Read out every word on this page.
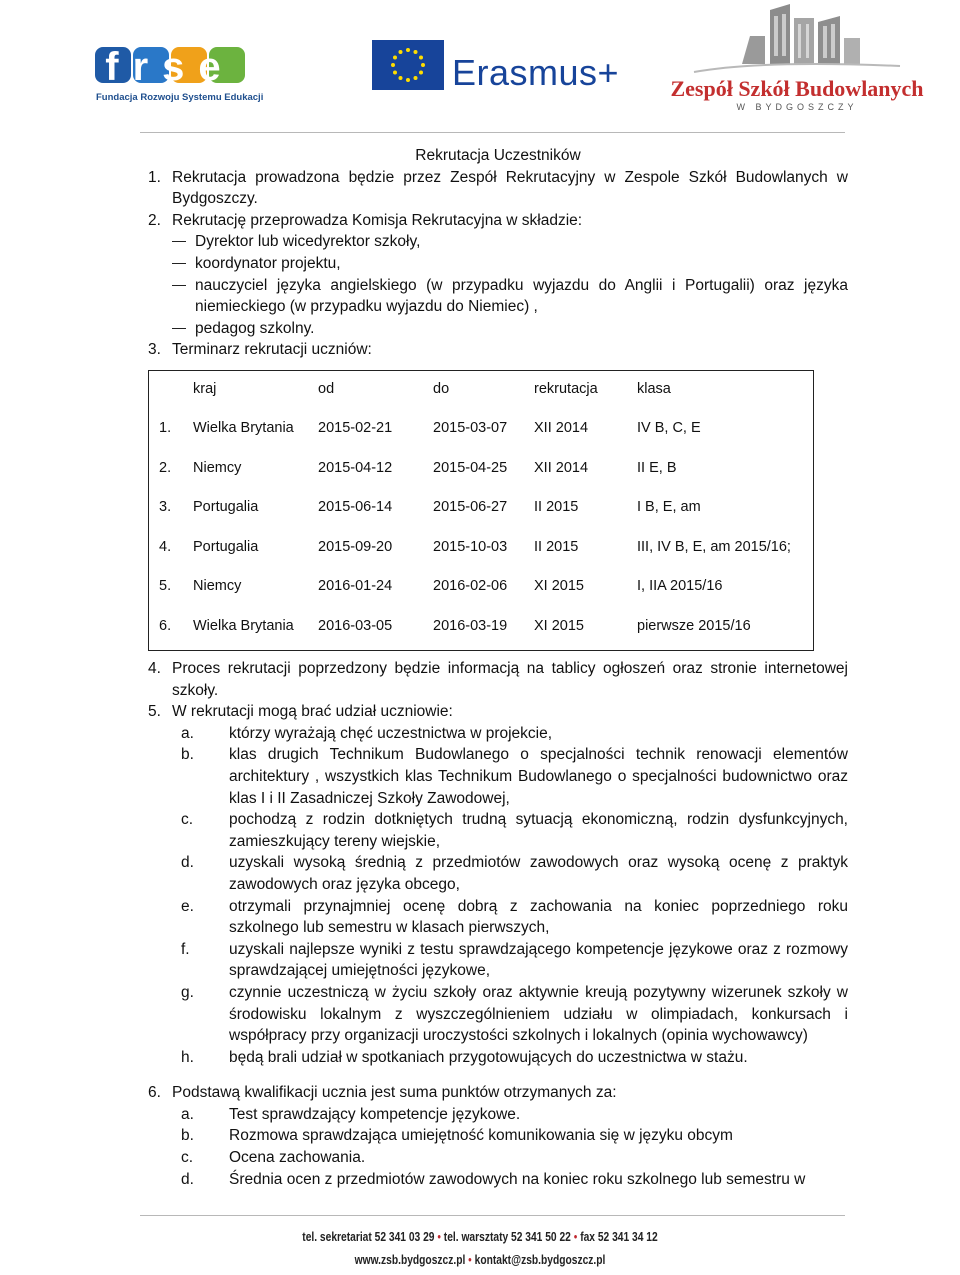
frse
Fundacja Rozwoju Systemu Edukacji
Erasmus+ Zespół Szkół Budowlanych
W BYDGOSZCZY
Rekrutacja Uczestników
1. Rekrutacja prowadzona będzie przez Zespół Rekrutacyjny w Zespole Szkół Budowlanych w Bydgoszczy.
2. Rekrutację przeprowadza Komisja Rekrutacyjna w składzie:
Dyrektor lub wicedyrektor szkoły,
koordynator projektu,
nauczyciel języka angielskiego (w przypadku wyjazdu do Anglii i Portugalii) oraz języka niemieckiego (w przypadku wyjazdu do Niemiec) ,
pedagog szkolny.
3. Terminarz rekrutacji uczniów:
kraj	od	do	rekrutacja	klasa
1. Wielka Brytania 2015-02-21	2015-03-07 XII 2014	IV B, C, E
2. Niemcy	2015-04-12	2015-04-25 XII 2014	II E, B
3. Portugalia	2015-06-14	2015-06-27 II 2015	I B, E, am
4. Portugalia	2015-09-20	2015-10-03 II 2015	III, IV B, E, am 2015/16;
5. Niemcy	2016-01-24	2016-02-06 XI 2015	I, IIA 2015/16
6. Wielka Brytania 2016-03-05	2016-03-19 XI 2015	pierwsze 2015/16
4. Proces rekrutacji poprzedzony będzie informacją na tablicy ogłoszeń oraz stronie internetowej szkoły.
5. W rekrutacji mogą brać udział uczniowie:
a. którzy wyrażają chęć uczestnictwa w projekcie,
b. klas drugich Technikum Budowlanego o specjalności technik renowacji elementów architektury , wszystkich klas Technikum Budowlanego o specjalności budownictwo oraz klas I i II Zasadniczej Szkoły Zawodowej,
c. pochodzą z rodzin dotkniętych trudną sytuacją ekonomiczną, rodzin dysfunkcyjnych, zamieszkujący tereny wiejskie,
d. uzyskali wysoką średnią z przedmiotów zawodowych oraz wysoką ocenę z praktyk zawodowych oraz języka obcego,
e. otrzymali przynajmniej ocenę dobrą z zachowania na koniec poprzedniego roku szkolnego lub semestru w klasach pierwszych,
f.	uzyskali najlepsze wyniki z testu sprawdzającego kompetencje językowe oraz z rozmowy sprawdzającej umiejętności językowe,
g. czynnie uczestniczą w życiu szkoły oraz aktywnie kreują pozytywny wizerunek szkoły w środowisku lokalnym z wyszczególnieniem udziału w olimpiadach, konkursach i współpracy przy organizacji uroczystości szkolnych i lokalnych (opinia wychowawcy)
h. będą brali udział w spotkaniach przygotowujących do uczestnictwa w stażu.
6. Podstawą kwalifikacji ucznia jest suma punktów otrzymanych za:
a. Test sprawdzający kompetencje językowe.
b. Rozmowa sprawdzająca umiejętność komunikowania się w języku obcym
c. Ocena zachowania.
d. Średnia ocen z przedmiotów zawodowych na koniec roku szkolnego lub semestru w
tel. sekretariat 52 341 03 29 • tel. warsztaty 52 341 50 22 • fax 52 341 34 12
www.zsb.bydgoszcz.pl • kontakt@zsb.bydgoszcz.pl
